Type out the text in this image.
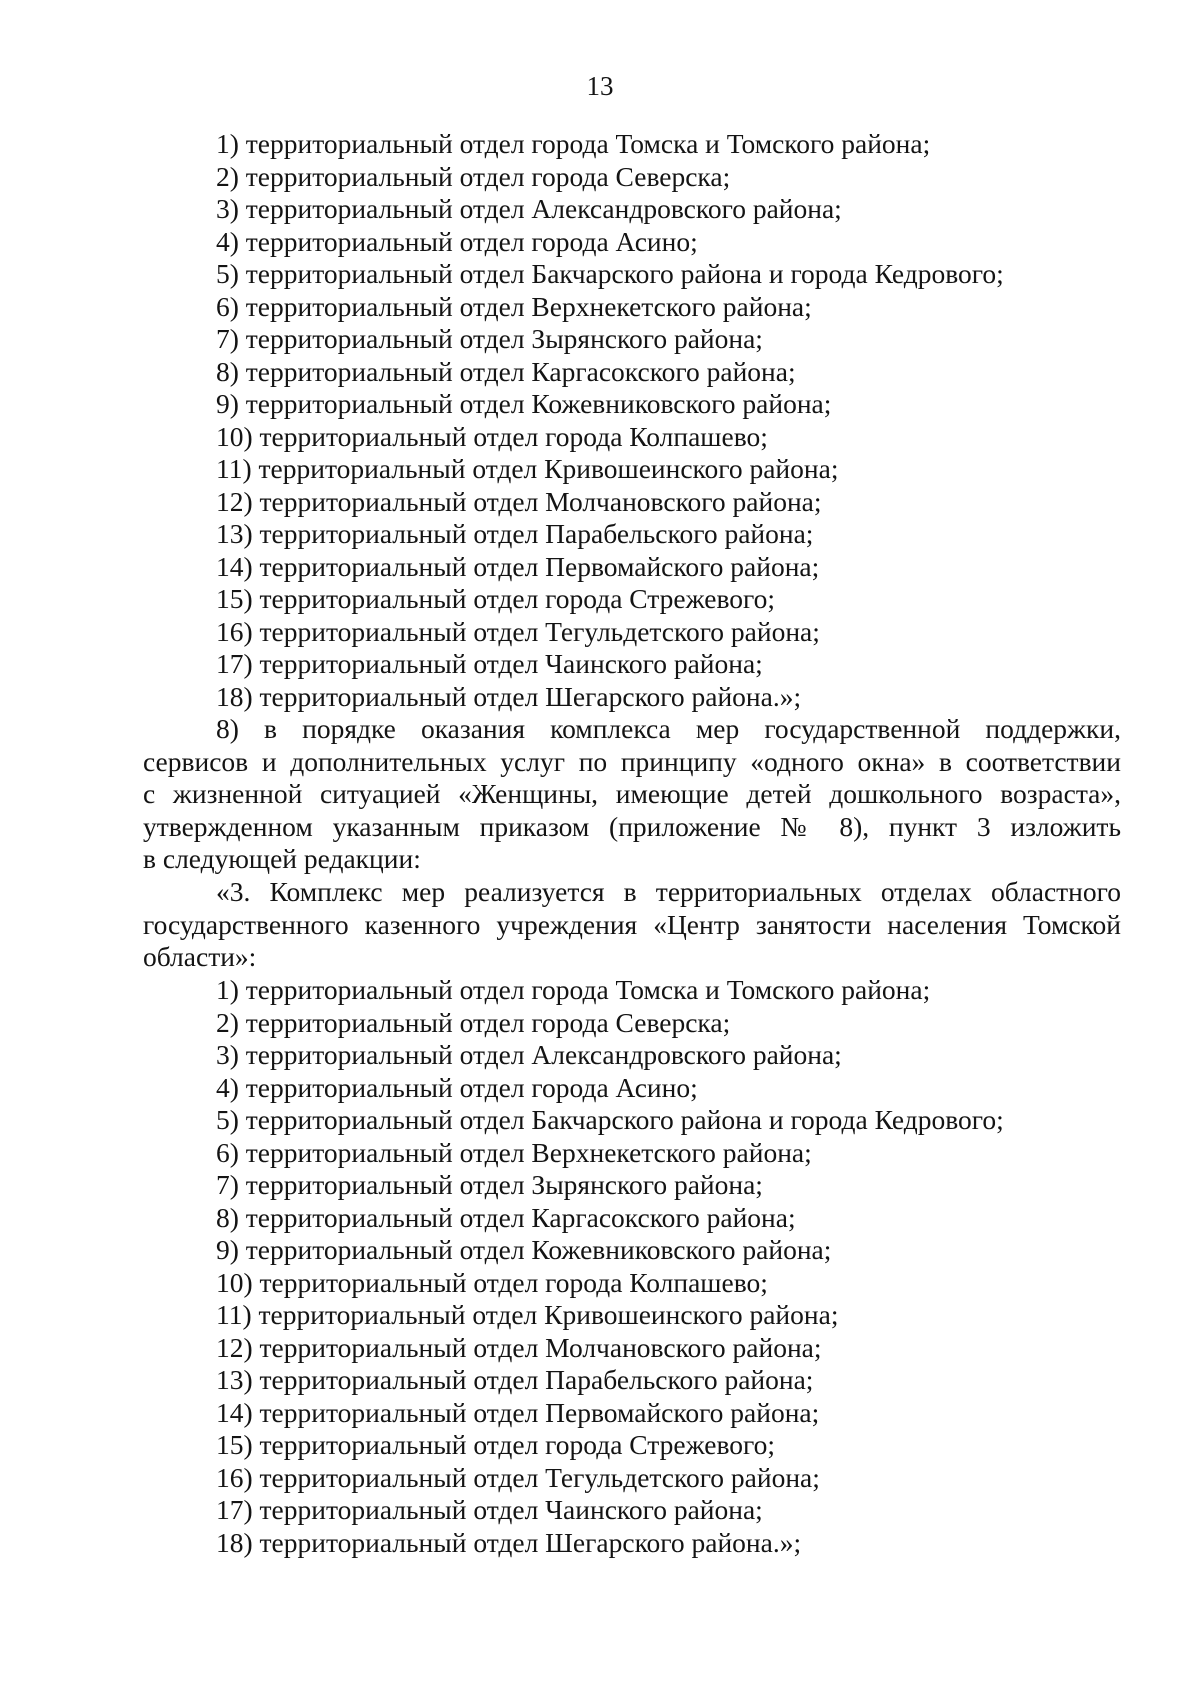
13
1) территориальный отдел города Томска и Томского района;
2) территориальный отдел города Северска;
3) территориальный отдел Александровского района;
4) территориальный отдел города Асино;
5) территориальный отдел Бакчарского района и города Кедрового;
6) территориальный отдел Верхнекетского района;
7) территориальный отдел Зырянского района;
8) территориальный отдел Каргасокского района;
9) территориальный отдел Кожевниковского района;
10) территориальный отдел города Колпашево;
11) территориальный отдел Кривошеинского района;
12) территориальный отдел Молчановского района;
13) территориальный отдел Парабельского района;
14) территориальный отдел Первомайского района;
15) территориальный отдел города Стрежевого;
16) территориальный отдел Тегульдетского района;
17) территориальный отдел Чаинского района;
18) территориальный отдел Шегарского района.»;
8) в порядке оказания комплекса мер государственной поддержки,
сервисов и дополнительных услуг по принципу «одного окна» в соответствии
с жизненной ситуацией «Женщины, имеющие детей дошкольного возраста»,
утвержденном указанным приказом (приложение № 8), пункт 3 изложить
в следующей редакции:
«3. Комплекс мер реализуется в территориальных отделах областного
государственного казенного учреждения «Центр занятости населения Томской
области»:
1) территориальный отдел города Томска и Томского района;
2) территориальный отдел города Северска;
3) территориальный отдел Александровского района;
4) территориальный отдел города Асино;
5) территориальный отдел Бакчарского района и города Кедрового;
6) территориальный отдел Верхнекетского района;
7) территориальный отдел Зырянского района;
8) территориальный отдел Каргасокского района;
9) территориальный отдел Кожевниковского района;
10) территориальный отдел города Колпашево;
11) территориальный отдел Кривошеинского района;
12) территориальный отдел Молчановского района;
13) территориальный отдел Парабельского района;
14) территориальный отдел Первомайского района;
15) территориальный отдел города Стрежевого;
16) территориальный отдел Тегульдетского района;
17) территориальный отдел Чаинского района;
18) территориальный отдел Шегарского района.»;
